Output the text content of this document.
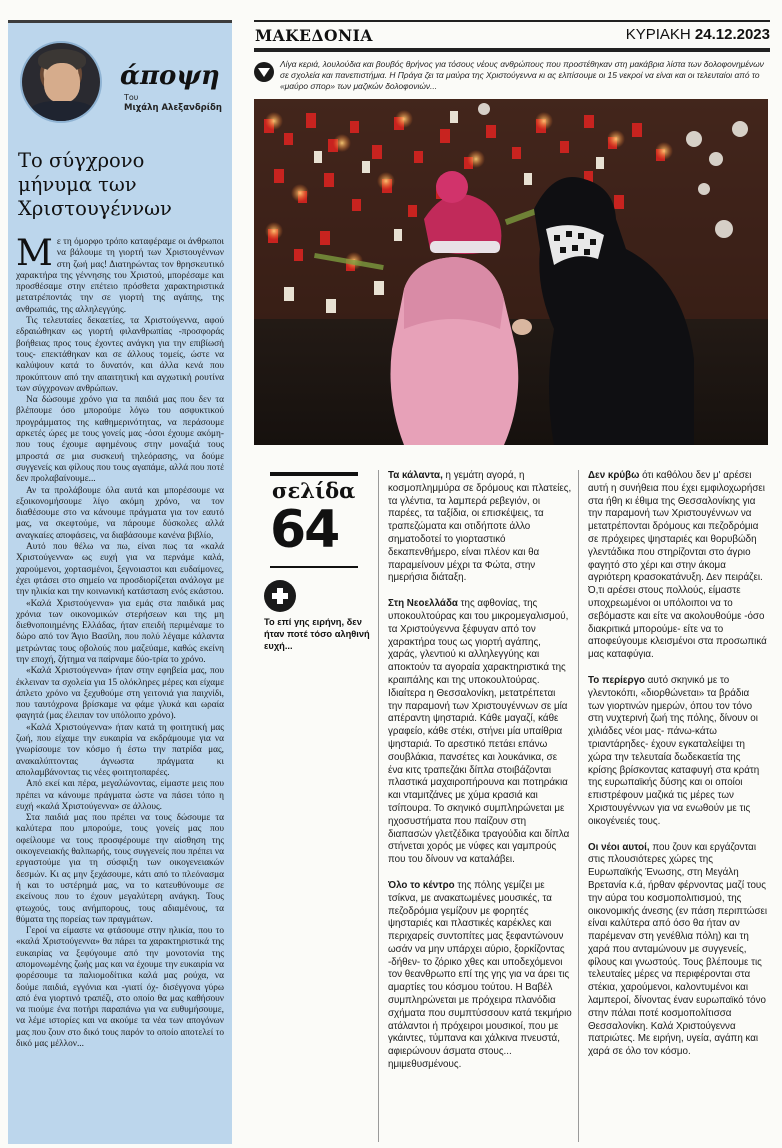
άποψη
Του
Μιχάλη Αλεξανδρίδη
Το σύγχρονο μήνυμα των Χριστουγέννων

Με τη όμορφο τρόπο καταφέραμε οι άνθρωποι να βάλουμε τη γιορτή των Χριστουγέννων στη ζωή μας! Διατηρώντας τον θρησκευτικό χαρακτήρα της γέννησης του Χριστού, μπορέσαμε και προσθέσαμε στην επέτειο πρόσθετα χαρακτηριστικά μετατρέποντάς την σε γιορτή της αγάπης, της ανθρωπιάς, της αλληλεγγύης.

Τις τελευταίες δεκαετίες, τα Χριστούγεννα, αφού εδραιώθηκαν ως γιορτή φιλανθρωπίας -προσφοράς βοήθειας προς τους έχοντες ανάγκη για την επιβίωσή τους- επεκτάθηκαν και σε άλλους τομείς, ώστε να καλύψουν κατά το δυνατόν, και άλλα κενά που προκύπτουν από την απαιτητική και αγχωτική ρουτίνα των σύγχρονων ανθρώπων.

Να δώσουμε χρόνο για τα παιδιά μας που δεν τα βλέπουμε όσο μπορούμε λόγω του ασφυκτικού προγράμματος της καθημερινότητας, να περάσουμε αρκετές ώρες με τους γονείς μας -όσοι έχουμε ακόμη- που τους έχουμε αφημένους στην μοναξιά τους μπροστά σε μια συσκευή τηλεόρασης, να δούμε συγγενείς και φίλους που τους αγαπάμε, αλλά που ποτέ δεν προλαβαίνουμε...

Αν τα προλάβουμε όλα αυτά και μπορέσουμε να εξοικονομήσουμε λίγο ακόμη χρόνο, να τον διαθέσουμε στο να κάνουμε πράγματα για τον εαυτό μας, να σκεφτούμε, να πάρουμε δύσκολες αλλά αναγκαίες αποφάσεις, να διαβάσουμε κανένα βιβλίο,

Αυτό που θέλω να πω, είναι πως τα «καλά Χριστούγεννα» ως ευχή για να περνάμε καλά, χαρούμενοι, χορτασμένοι, ξεγνοιαστοι και ευδαίμονες, έχει φτάσει στο σημείο να προσδιορίζεται ανάλογα με την ηλικία και την κοινωνική κατάσταση ενός εκάστου.

«Καλά Χριστούγεννα» για εμάς στα παιδικά μας χρόνια των οικονομικών στερήσεων και της μη διεθνοποιημένης Ελλάδας, ήταν επειδή περιμέναμε το δώρο από τον Άγιο Βασίλη, που πολύ λέγαμε κάλαντα μετρώντας τους οβολούς που μαζεύαμε, καθώς εκείνη την εποχή, ζήτημα να παίρναμε δύο-τρία το χρόνο.

«Καλά Χριστούγεννα» ήταν στην εφηβεία μας, που έκλειναν τα σχολεία για 15 ολόκληρες μέρες και είχαμε άπλετο χρόνο να ξεχυθούμε στη γειτονιά για παιχνίδι, που ταυτόχρονα βρίσκαμε να φάμε γλυκά και ωραία φαγητά (μας έλειπαν τον υπόλοιπο χρόνο).

«Καλά Χριστούγεννα» ήταν κατά τη φοιτητική μας ζωή, που είχαμε την ευκαιρία να εκδράμουμε για να γνωρίσουμε τον κόσμο ή έστω την πατρίδα μας, ανακαλύπτοντας άγνωστα πράγματα κι απολαμβάνοντας τις νέες φοιτητοπαρέες.

Από εκεί και πέρα, μεγαλώνοντας, είμαστε μεις που πρέπει να κάνουμε πράγματα ώστε να πάσει τόπο η ευχή «καλά Χριστούγεννα» σε άλλους.

Στα παιδιά μας που πρέπει να τους δώσουμε τα καλύτερα που μπορούμε, τους γονείς μας που οφείλουμε να τους προσφέρουμε την αίσθηση της οικογενειακής θαλπωρής, τους συγγενείς που πρέπει να εργαστούμε για τη σύσφιξη των οικογενειακών δεσμών. Κι ας μην ξεχάσουμε, κάτι από το πλεόνασμα ή και το υστέρημά μας, να το κατευθύνουμε σε εκείνους που το έχουν μεγαλύτερη ανάγκη. Τους φτωχούς, τους ανήμπορους, τους αδιαμένους, τα θύματα της πορείας των πραγμάτων.

Γεροί να είμαστε να φτάσουμε στην ηλικία, που το «καλά Χριστούγεννα» θα πάρει τα χαρακτηριστικά της ευκαιρίας να ξεφύγουμε από την μονοτονία της απομονωμένης ζωής μας και να έχουμε την ευκαιρία να φορέσουμε τα παλιομοδίτικα καλά μας ρούχα, να δούμε παιδιά, εγγόνια και -γιατί όχ- δισέγγονα γύρω από ένα γιορτινό τραπέζι, στο οποίο θα μας καθήσουν να πιούμε ένα ποτήρι παραπάνω για να ευθυμήσουμε, να λέμε ιστορίες και να ακούμε τα νέα των απογόνων μας που ζουν στο δικό τους παρόν το οποίο αποτελεί το δικό μας μέλλον...

ΜΑΚΕΔΟΝΙΑ	ΚΥΡΙΑΚΗ 24.12.2023
Λίγα κεριά, λουλούδια και βουβός θρήνος για τόσους νέους ανθρώπους που προστέθηκαν στη μακάβρια λίστα των δολοφονημένων σε σχολεία και πανεπιστήμια. Η Πράγα ζει τα μαύρα της Χριστούγεννα κι ας ελπίσουμε οι 15 νεκροί να είναι και οι τελευταίοι από το «μαύρο σπορ» των μαζικών δολοφονιών...
σελίδα
64
Το επί γης ειρήνη, δεν ήταν ποτέ τόσο αληθινή ευχή...

Τα κάλαντα, η γεμάτη αγορά, η κοσμοπλημμύρα σε δρόμους και πλατείες, τα γλέντια, τα λαμπερά ρεβεγιόν, οι παρέες, τα ταξίδια, οι επισκέψεις, τα τραπεζώματα και οτιδήποτε άλλο σηματοδοτεί το γιορταστικό δεκαπενθήμερο, είναι πλέον και θα παραμείνουν μέχρι τα Φώτα, στην ημερήσια διάταξη.

Στη Νεοελλάδα της αφθονίας, της υποκουλτούρας και του μικρομεγαλισμού, τα Χριστούγεννα ξέφυγαν από τον χαρακτήρα τους ως γιορτή αγάπης, χαράς, γλεντιού κι αλληλεγγύης και αποκτούν τα αγοραία χαρακτηριστικά της κραιπάλης και της υποκουλτούρας. Ιδιαίτερα η Θεσσαλονίκη, μετατρέπεται την παραμονή των Χριστουγέννων σε μία απέραντη ψησταριά. Κάθε μαγαζί, κάθε γραφείο, κάθε στέκι, στήνει μία υπαίθρια ψησταριά. Το αρεστικό πετάει επάνω σουβλάκια, πανσέτες και λουκάνικα, σε ένα κιτς τραπεζάκι δίπλα στοιβάζονται πλαστικά μαχαιροπήρουνα και ποτηράκια και νταμιτζάνες με χύμα κρασιά και τσίπουρα. Το σκηνικό συμπληρώνεται με ηχοσυστήματα που παίζουν στη διαπασών γλετζέδικα τραγούδια και δίπλα στήνεται χορός με νύφες και γαμπρούς που του δίνουν να καταλάβει.

Όλο το κέντρο της πόλης γεμίζει με τσίκνα, με ανακατωμένες μουσικές, τα πεζοδρόμια γεμίζουν με φορητές ψησταριές και πλαστικές καρέκλες και περιχαρείς συντοπίτες μας ξεφαντώνουν ωσάν να μην υπάρχει αύριο, ξορκίζοντας -δήθεν- το ζόρικο χθες και υποδεχόμενοι τον θεανθρωπο επί της γης για να άρει τις αμαρτίες του κόσμου τούτου. Η Βαβέλ συμπληρώνεται με πρόχειρα πλανόδια σχήματα που συμπτύσσουν κατά τεκμήριο ατάλαντοι ή πρόχειροι μουσικοί, που με γκάιντες, τύμπανα και χάλκινα πνευστά, αφιερώνουν άσματα στους... ημιμεθυσμένους.

Δεν κρύβω ότι καθόλου δεν μ' αρέσει αυτή η συνήθεια που έχει εμφιλοχωρήσει στα ήθη κι έθιμα της Θεσσαλονίκης για την παραμονή των Χριστουγέννων να μετατρέπονται δρόμους και πεζοδρόμια σε πρόχειρες ψησταριές και θορυβώδη γλεντάδικα που στηρίζονται στο άγριο φαγητό στο χέρι και στην άκομα αγριότερη κρασοκατάνυξη. Δεν πειράζει. Ό,τι αρέσει στους πολλούς, είμαστε υποχρεωμένοι οι υπόλοιποι να το σεβόμαστε και είτε να ακολουθούμε -όσο διακριτικά μπορούμε- είτε να το αποφεύγουμε κλεισμένοι στα προσωπικά μας καταφύγια.

Το περίεργο αυτό σκηνικό με το γλεντοκόπι, «διορθώνεται» τα βράδια των γιορτινών ημερών, όπου τον τόνο στη νυχτερινή ζωή της πόλης, δίνουν οι χιλιάδες νέοι μας- πάνω-κάτω τριαντάρηδες- έχουν εγκαταλείψει τη χώρα την τελευταία δωδεκαετία της κρίσης βρίσκοντας καταφυγή στα κράτη της ευρωπαϊκής δύσης και οι οποίοι επιστρέφουν μαζικά τις μέρες των Χριστουγέννων για να ενωθούν με τις οικογένειές τους.

Οι νέοι αυτοί, που ζουν και εργάζονται στις πλουσιότερες χώρες της Ευρωπαϊκής Ένωσης, στη Μεγάλη Βρετανία κ.ά, ήρθαν φέρνοντας μαζί τους την αύρα του κοσμοπολιτισμού, της οικονομικής άνεσης (εν πάση περιπτώσει είναι καλύτερα από όσο θα ήταν αν παρέμεναν στη γενέθλια πόλη) και τη χαρά που ανταμώνουν με συγγενείς, φίλους και γνωστούς. Τους βλέπουμε τις τελευταίες μέρες να περιφέρονται στα στέκια, χαρούμενοι, καλοντυμένοι και λαμπεροί, δίνοντας έναν ευρωπαϊκό τόνο στην πάλαι ποτέ κοσμοπολίτισσα Θεσσαλονίκη. Καλά Χριστούγεννα πατριώτες. Με ειρήνη, υγεία, αγάπη και χαρά σε όλο τον κόσμο.
